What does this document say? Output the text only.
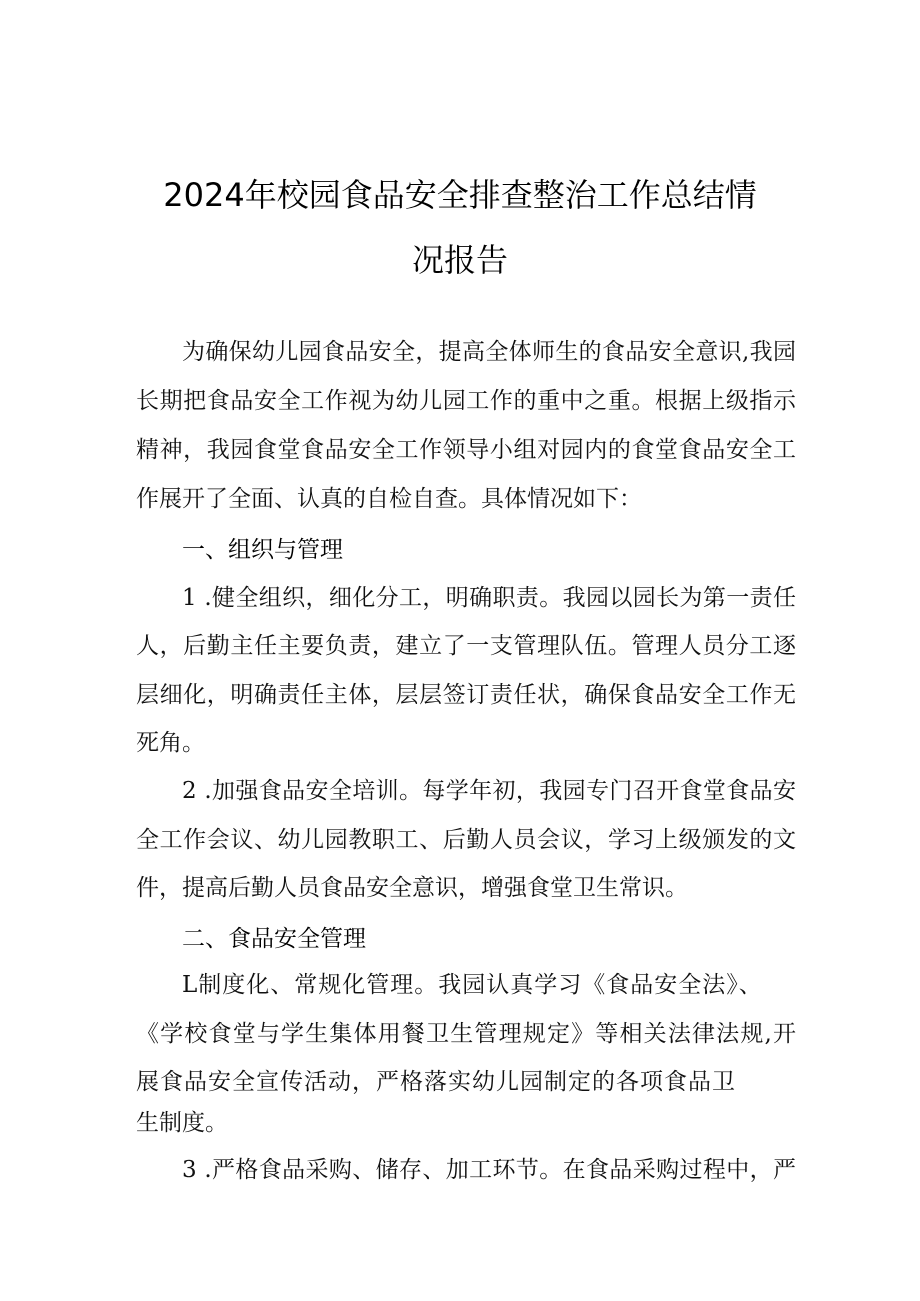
2024年校园食品安全排查整治工作总结情
况报告
为确保幼儿园食品安全，提高全体师生的食品安全意识,我园
长期把食品安全工作视为幼儿园工作的重中之重。根据上级指示
精神，我园食堂食品安全工作领导小组对园内的食堂食品安全工
作展开了全面、认真的自检自查。具体情况如下：
一、组织与管理
1 .健全组织，细化分工，明确职责。我园以园长为第一责任
人，后勤主任主要负责，建立了一支管理队伍。管理人员分工逐
层细化，明确责任主体，层层签订责任状，确保食品安全工作无
死角。
2 .加强食品安全培训。每学年初，我园专门召开食堂食品安
全工作会议、幼儿园教职工、后勤人员会议，学习上级颁发的文
件，提高后勤人员食品安全意识，增强食堂卫生常识。
二、食品安全管理
L制度化、常规化管理。我园认真学习《食品安全法》、
《学校食堂与学生集体用餐卫生管理规定》等相关法律法规,开
展食品安全宣传活动，严格落实幼儿园制定的各项食品卫
生制度。
3 .严格食品采购、储存、加工环节。在食品采购过程中，严
